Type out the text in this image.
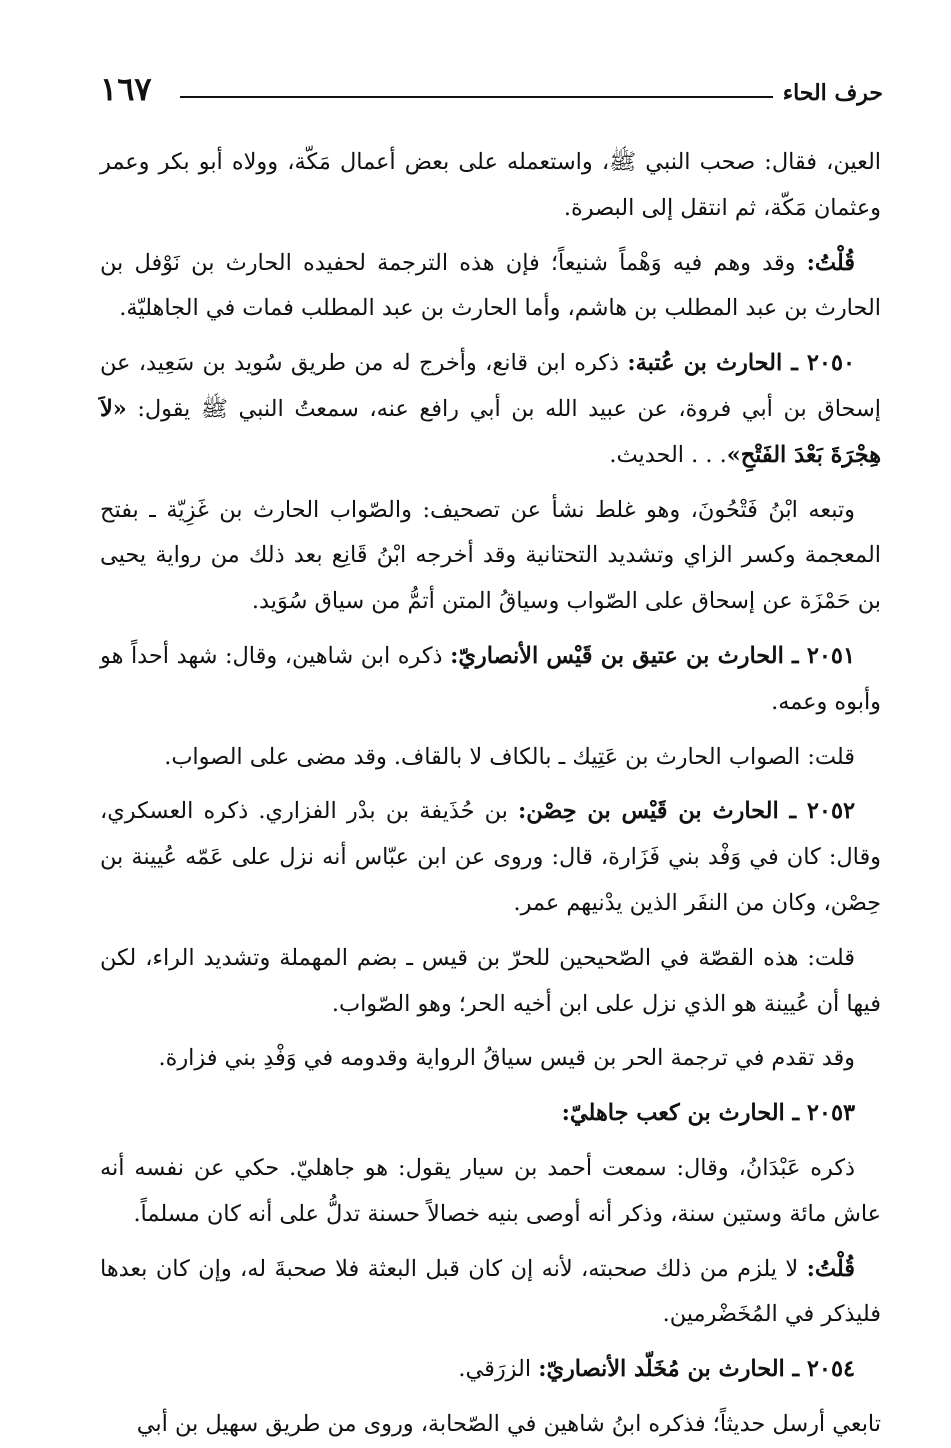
حرف الحاء
١٦٧

العين، فقال: صحب النبي ﷺ، واستعمله على بعض أعمال مَكّة، وولاه أبو بكر وعمر وعثمان مَكّة، ثم انتقل إلى البصرة.

قُلْتُ: وقد وهم فيه وَهْماً شنيعاً؛ فإن هذه الترجمة لحفيده الحارث بن نَوْفل بن الحارث بن عبد المطلب بن هاشم، وأما الحارث بن عبد المطلب فمات في الجاهليّة.

٢٠٥٠ ـ الحارث بن عُتبة: ذكره ابن قانع، وأخرج له من طريق سُويد بن سَعِيد، عن إسحاق بن أبي فروة، عن عبيد الله بن أبي رافع عنه، سمعتُ النبي ﷺ يقول: «لاَ هِجْرَةَ بَعْدَ الفَتْحِ». . . الحديث.

وتبعه ابْنُ فَتْحُونَ، وهو غلط نشأ عن تصحيف: والصّواب الحارث بن غَزِيّة ـ بفتح المعجمة وكسر الزاي وتشديد التحتانية وقد أخرجه ابْنُ قَانِع بعد ذلك من رواية يحيى بن حَمْزَة عن إسحاق على الصّواب وسياقُ المتن أتمُّ من سياق سُوَيد.

٢٠٥١ ـ الحارث بن عتيق بن قَيْس الأنصاريّ: ذكره ابن شاهين، وقال: شهد أحداً هو وأبوه وعمه.

قلت: الصواب الحارث بن عَتِيك ـ بالكاف لا بالقاف. وقد مضى على الصواب.

٢٠٥٢ ـ الحارث بن قَيْس بن حِصْن: بن حُذَيفة بن بدْر الفزاري. ذكره العسكري، وقال: كان في وَفْد بني فَزَارة، قال: وروى عن ابن عبّاس أنه نزل على عَمّه عُيينة بن حِصْن، وكان من النفَر الذين يدْنيهم عمر.

قلت: هذه القصّة في الصّحيحين للحرّ بن قيس ـ بضم المهملة وتشديد الراء، لكن فيها أن عُيينة هو الذي نزل على ابن أخيه الحر؛ وهو الصّواب.

وقد تقدم في ترجمة الحر بن قيس سياقُ الرواية وقدومه في وَفْدِ بني فزارة.

٢٠٥٣ ـ الحارث بن كعب جاهليّ:

ذكره عَبْدَانُ، وقال: سمعت أحمد بن سيار يقول: هو جاهليّ. حكي عن نفسه أنه عاش مائة وستين سنة، وذكر أنه أوصى بنيه خصالاً حسنة تدلُّ على أنه كان مسلماً.

قُلْتُ: لا يلزم من ذلك صحبته، لأنه إن كان قبل البعثة فلا صحبةَ له، وإن كان بعدها فليذكر في المُخَضْرمين.

٢٠٥٤ ـ الحارث بن مُخَلّد الأنصاريّ: الزرَقي.

تابعي أرسل حديثاً؛ فذكره ابنُ شاهين في الصّحابة، وروى من طريق سهيل بن أبي
